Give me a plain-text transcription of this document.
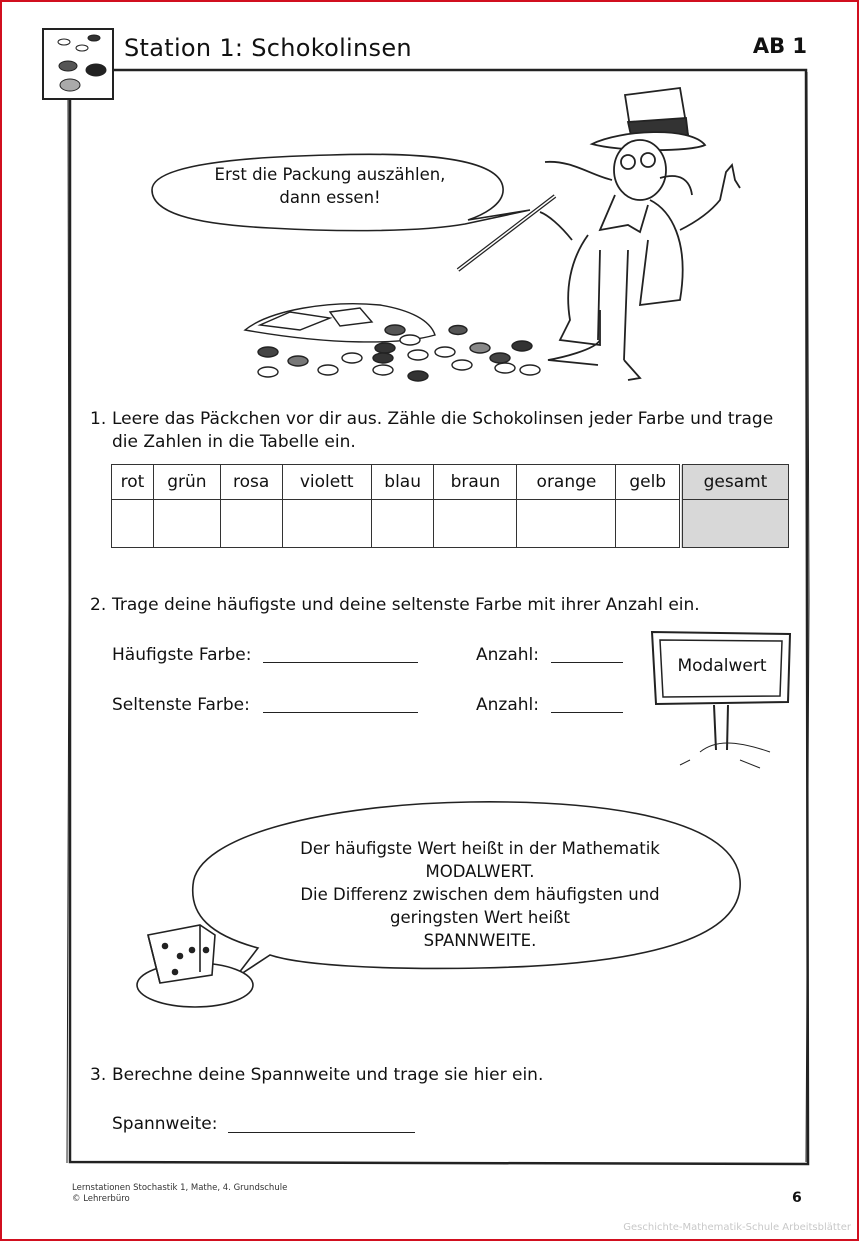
Station 1: Schokolinsen	AB 1
Erst die Packung auszählen,
dann essen!
1. Leere das Päckchen vor dir aus. Zähle die Schokolinsen jeder Farbe und trage
die Zahlen in die Tabelle ein.
rot	grün	rosa	violett	blau	braun	orange	gelb	gesamt

2. Trage deine häufigste und deine seltenste Farbe mit ihrer Anzahl ein.
Häufigste Farbe:	Anzahl:
Seltenste Farbe:	Anzahl:
Modalwert
Der häufigste Wert heißt in der Mathematik
MODALWERT.
Die Differenz zwischen dem häufigsten und
geringsten Wert heißt
SPANNWEITE.
3. Berechne deine Spannweite und trage sie hier ein.
Spannweite:
Lernstationen Stochastik 1, Mathe, 4. Grundschule
© Lehrerbüro	6
Geschichte-Mathematik-Schule Arbeitsblätter
